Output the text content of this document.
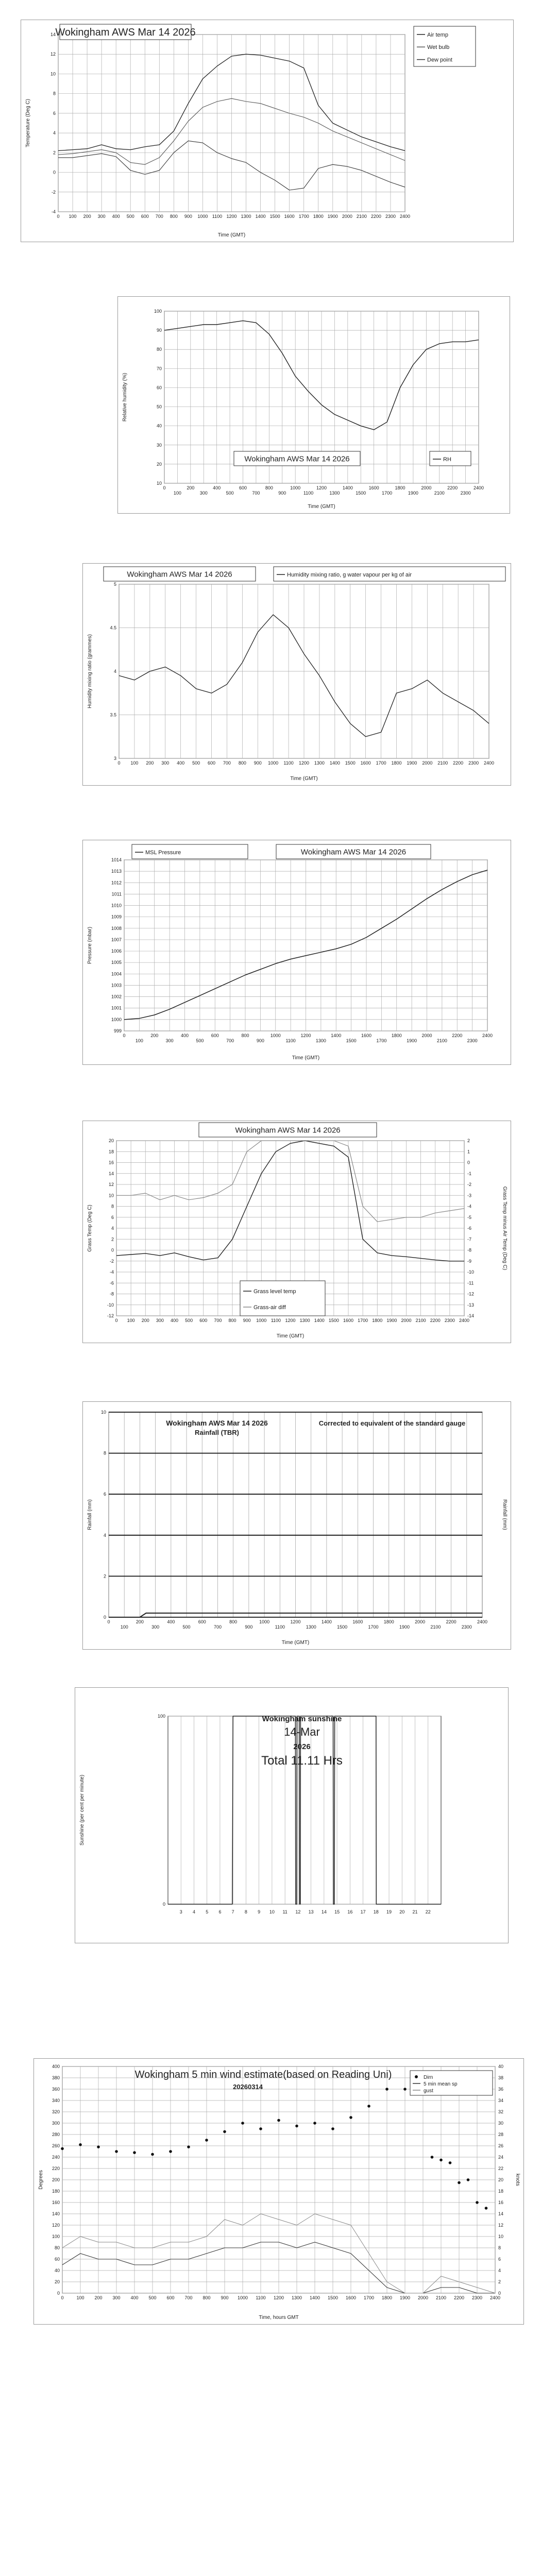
0 100 200 300 400 500 600 700 800 900 1000 1100 1200 1300 1400 1500 1600 1700 1800 1900 2000 2100 2200 2300 2400
-4
-2
0
2
4
6
8
10
12
14
Time (GMT)
Temperature (Deg C)
Wokingham AWS Mar 14 2026	Air temp
Wet bulb
Dew point
0
100
200
300
400
500
600
700
800
900
1000
1100
1200
1300
1400
1500
1600
1700
1800
1900
2000
2100
2200
2300
2400
10
20
30
40
50
60
70
80
90
100
Time (GMT)
Relative humidity (%)
Wokingham AWS Mar 14 2026	RH
0 100 200 300 400 500 600 700 800 900 1000 1100 1200 1300 1400 1500 1600 1700 1800 1900 2000 2100 2200 2300 2400
3
3.5
4
4.5
5
Time (GMT)
Humidity mixing ratio (grammes)
Wokingham AWS Mar 14 2026	Humidity mixing ratio, g water vapour per kg of air
0
100
200
300
400
500
600
700
800
900
1000
1100
1200
1300
1400
1500
1600
1700
1800
1900
2000
2100
2200
2300
2400
999
1000
1001
1002
1003
1004
1005
1006
1007
1008
1009
1010
1011
1012
1013
1014
Time (GMT)
Pressure (mbar)
Wokingham AWS Mar 14 2026
MSL Pressure
0 100 200 300 400 500 600 700 800 900 1000 1100 1200 1300 1400 1500 1600 1700 1800 1900 2000 2100 2200 2300 2400
-12
-10
-8
-6
-4
-2
0
2
4
6
8
10
12
14
16
18
20
-14
-13
-12
-11
-10
-9
-8
-7
-6
-5
-4
-3
-2
-1
0
1
2
Time (GMT)
Grass Temp (Deg C)	Grass Temp minus Air Temp (Deg C)
Wokingham AWS Mar 14 2026
Grass level temp
Grass-air diff
0
100
200
300
400
500
600
700
800
900
1000
1100
1200
1300
1400
1500
1600
1700
1800
1900
2000
2100
2200
2300
2400
0
2
4
6
8
10
Time (GMT)
Rainfall (mm)	Rainfall (mm)
Wokingham AWS Mar 14 2026
Rainfall (TBR)
Corrected to equivalent of the standard gauge
3 4 5 6 7 8 9 10 11 12 13 14 15 16 17 18 19 20 21 22
0
100
Sunshine (per cent per minute)
Wokingham sunshine
14-Mar
2026
Total 11.11 Hrs
0	100 200 300 400 500 600 700 800 900 1000 1100 1200 1300 1400 1500 1600 1700 1800 1900 2000 2100 2200 2300 2400
0
20
40
60
80
100
120
140
160
180
200
220
240
260
280
300
320
340
360
380
400
0
2
4
6
8
10
12
14
16
18
20
22
24
26
28
30
32
34
36
38
40
Time, hours GMT
Degrees	knots
Wokingham 5 min wind estimate(based on Reading Uni)
20260314
Dirn
5 min mean sp
gust
